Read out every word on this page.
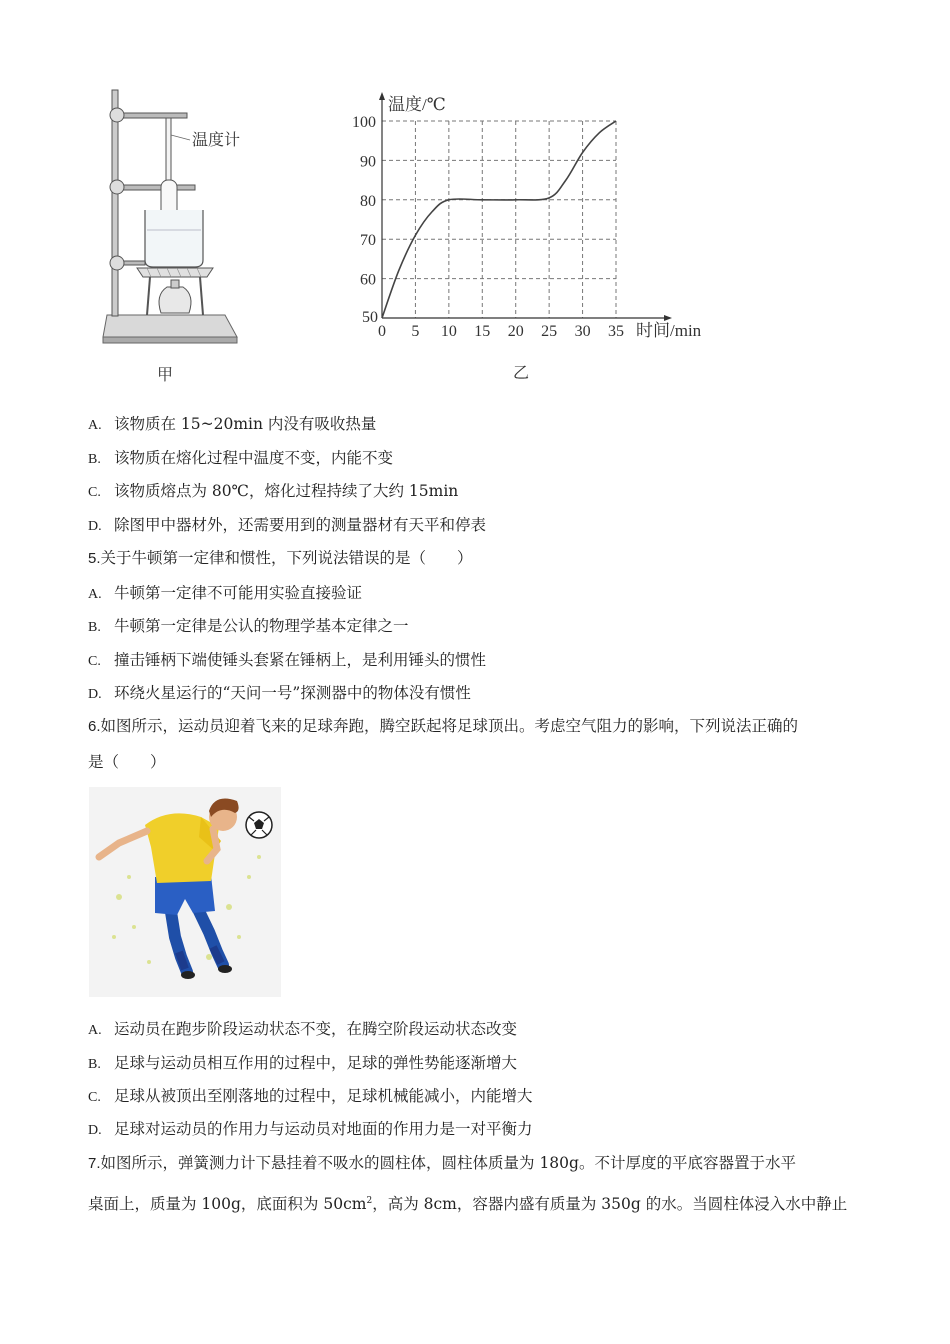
温度计
甲
5 10 15 20 25 30 35
60
70
80
90
100
0
50
温度/℃
时间/min
乙
A. 该物质在 15~20min 内没有吸收热量
B. 该物质在熔化过程中温度不变，内能不变
C. 该物质熔点为 80℃，熔化过程持续了大约 15min
D. 除图甲中器材外，还需要用到的测量器材有天平和停表
5.关于牛顿第一定律和惯性，下列说法错误的是（　　）
A. 牛顿第一定律不可能用实验直接验证
B. 牛顿第一定律是公认的物理学基本定律之一
C. 撞击锤柄下端使锤头套紧在锤柄上，是利用锤头的惯性
D. 环绕火星运行的“天问一号”探测器中的物体没有惯性
6.如图所示，运动员迎着飞来的足球奔跑，腾空跃起将足球顶出。考虑空气阻力的影响，下列说法正确的
是（　　）
A. 运动员在跑步阶段运动状态不变，在腾空阶段运动状态改变
B. 足球与运动员相互作用的过程中，足球的弹性势能逐渐增大
C. 足球从被顶出至刚落地的过程中，足球机械能减小，内能增大
D. 足球对运动员的作用力与运动员对地面的作用力是一对平衡力
7.如图所示，弹簧测力计下悬挂着不吸水的圆柱体，圆柱体质量为 180g。不计厚度的平底容器置于水平
桌面上，质量为 100g，底面积为 $50cm^2$，高为 8cm，容器内盛有质量为 350g 的水。当圆柱体浸入水中静止
